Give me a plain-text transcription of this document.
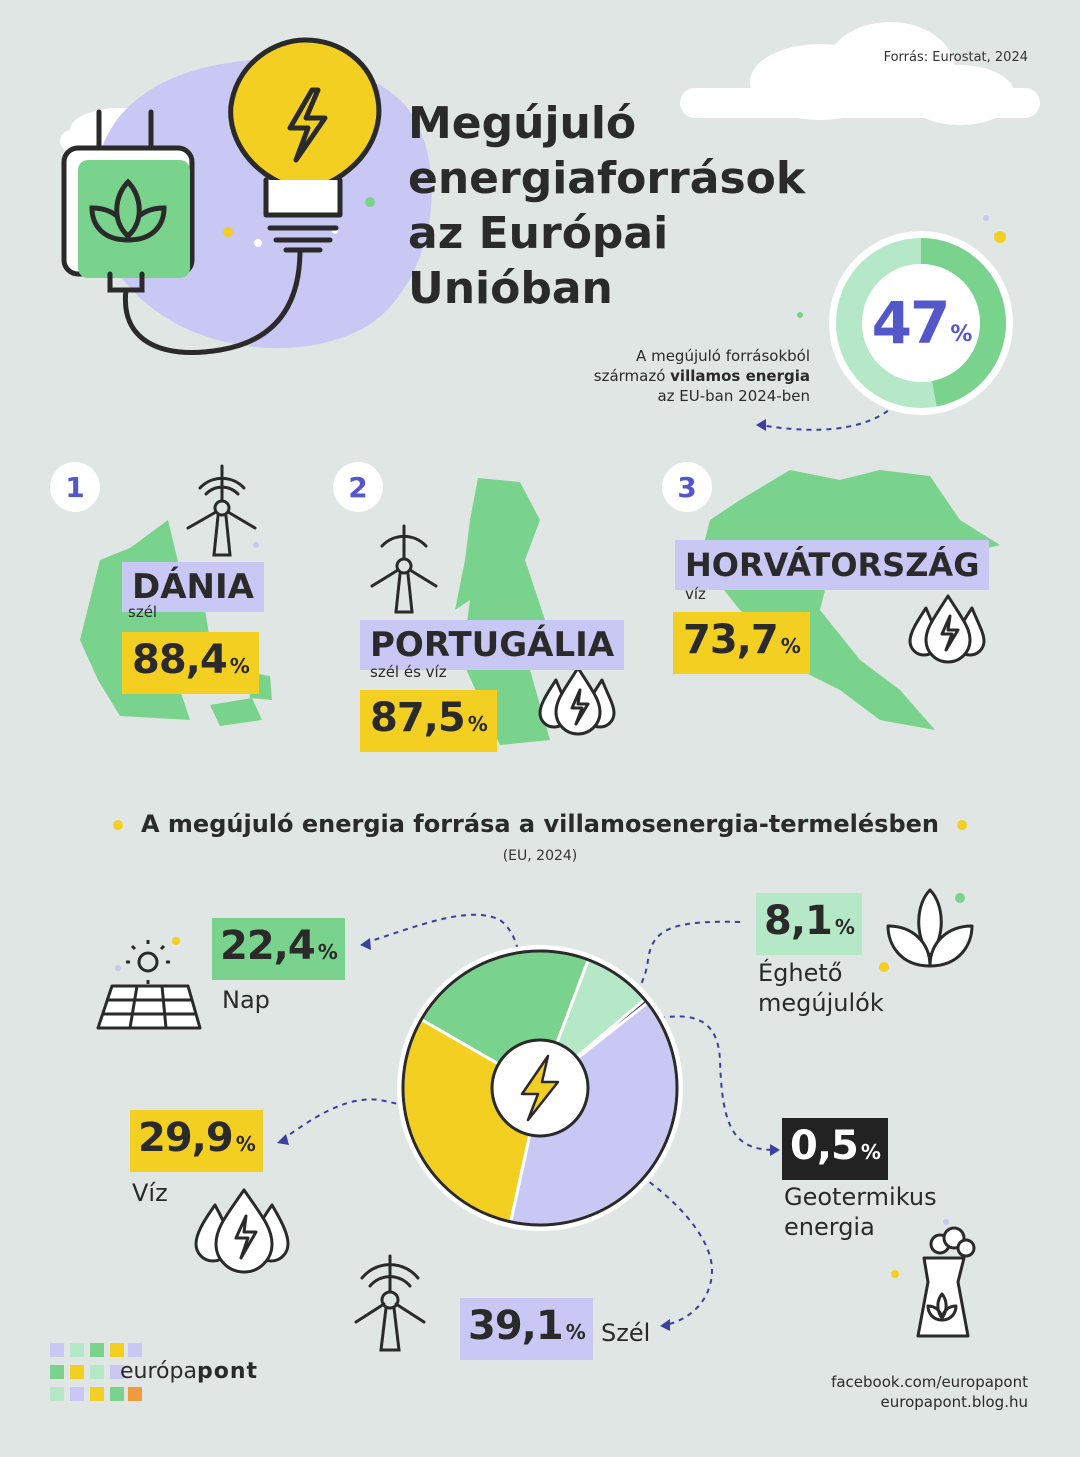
47 %
A megújuló forrásokból
származó villamos energia
az EU-ban 2024-ben
Forrás: Eurostat, 2024
Megújuló
energiaforrások
az Európai
Unióban
1
DÁNIA
szél
88,4 %
2
PORTUGÁLIA
szél és víz
87,5 %
3
HORVÁTORSZÁG
víz
73,7 %
A megújuló energia forrása a villamosenergia-termelésben
(EU, 2024)
22,4 %
Nap
8,1 %
Éghető
megújulók
0,5 %
Geotermikus
energia
39,1 % Szél
29,9 %
Víz
európapont	facebook.com/europapont
europapont.blog.hu
